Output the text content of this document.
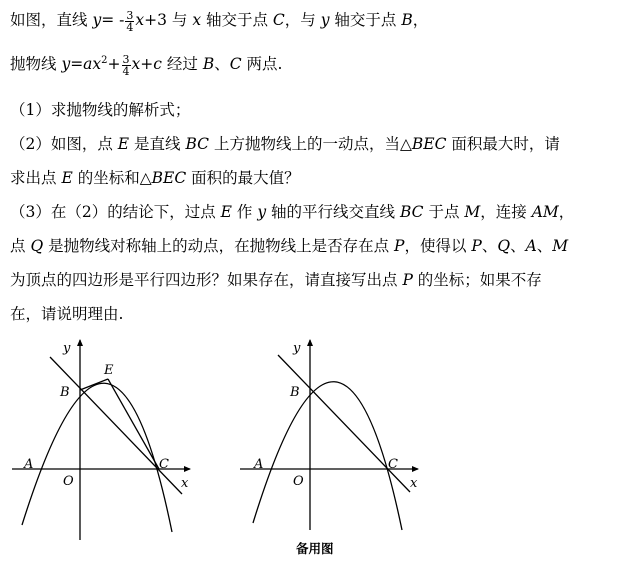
如图，直线 $y= - \frac{3}{4} x+3$ 与 x 轴交于点 C，与 y 轴交于点 B，
抛物线 $y=ax^2+ \frac{3}{4} x+c$ 经过 B、C 两点.
（1）求抛物线的解析式；
（2）如图，点 E 是直线 BC 上方抛物线上的一动点，当△BEC 面积最大时，请
求出点 E 的坐标和△BEC 面积的最大值？
（3）在（2）的结论下，过点 E 作 y 轴的平行线交直线 BC 于点 M，连接 AM，
点 Q 是抛物线对称轴上的动点，在抛物线上是否存在点 P，使得以 P、Q、A、M
为顶点的四边形是平行四边形？如果存在，请直接写出点 P 的坐标；如果不存
在，请说明理由.
y
x
B
E
A
O
C
y
x
B
A
O
C
备用图
